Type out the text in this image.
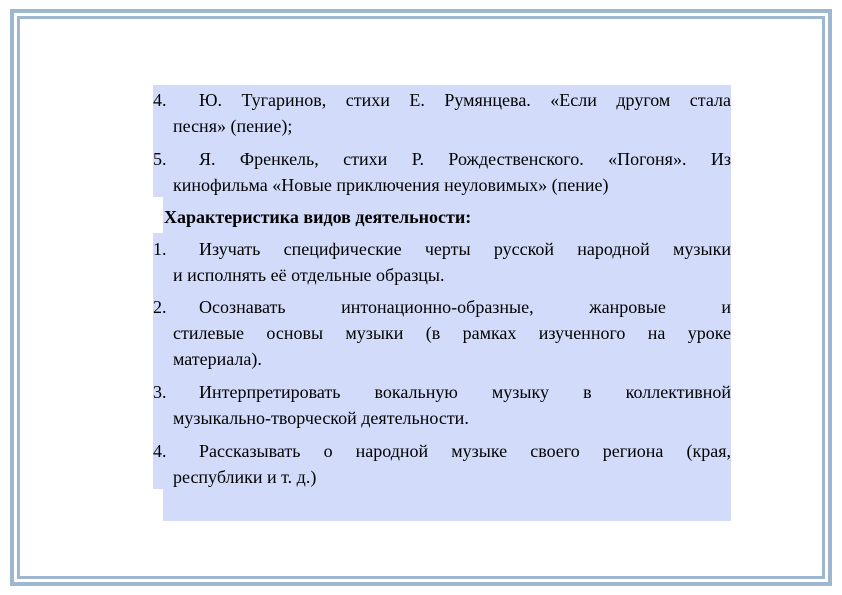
4.	Ю. Тугаринов, стихи Е. Румянцева. «Если другом стала
песня» (пение);
5.	Я. Френкель, стихи Р. Рождественского. «Погоня». Из
кинофильма «Новые приключения неуловимых» (пение)
Характеристика видов деятельности:
1.	Изучать специфические черты русской народной музыки
и исполнять её отдельные образцы.
2.	Осознавать интонационно-образные, жанровые и
стилевые основы музыки (в рамках изученного на уроке
материала).
3.	Интерпретировать вокальную музыку в коллективной
музыкально-творческой деятельности.
4.	Рассказывать о народной музыке своего региона (края,
республики и т. д.)
